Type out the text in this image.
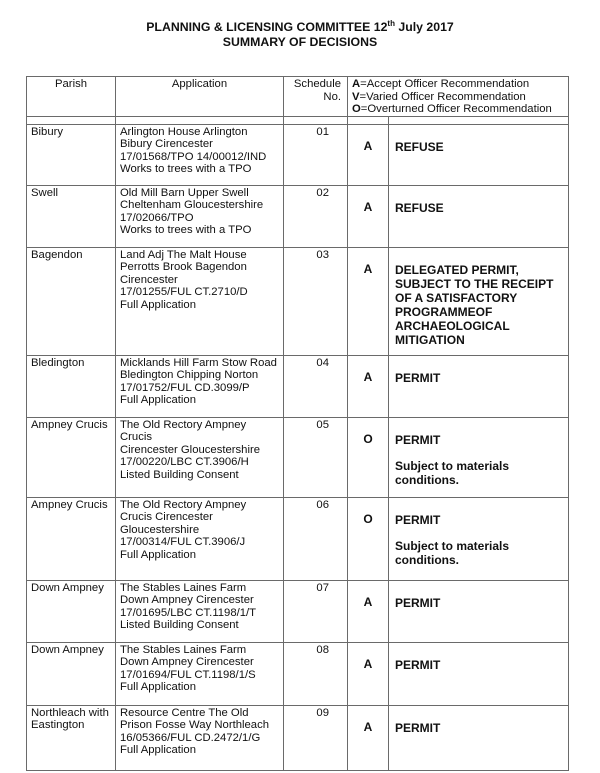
PLANNING & LICENSING COMMITTEE 12th July 2017
SUMMARY OF DECISIONS
Parish	Application	Schedule No.	A=Accept Officer Recommendation
V=Varied Officer Recommendation
O=Overturned Officer Recommendation	

Bibury	Arlington House Arlington
Bibury Cirencester
17/01568/TPO 14/00012/IND
Works to trees with a TPO	01	A	REFUSE

Swell	Old Mill Barn Upper Swell
Cheltenham Gloucestershire
17/02066/TPO
Works to trees with a TPO	02	A	REFUSE

Bagendon	Land Adj The Malt House
Perrotts Brook Bagendon
Cirencester
17/01255/FUL CT.2710/D
Full Application	03	A	DELEGATED PERMIT, SUBJECT TO THE RECEIPT OF A SATISFACTORY PROGRAMMEOF ARCHAEOLOGICAL MITIGATION

Bledington	Micklands Hill Farm Stow Road
Bledington Chipping Norton
17/01752/FUL CD.3099/P
Full Application	04	A	PERMIT

Ampney Crucis	The Old Rectory Ampney
Crucis
Cirencester Gloucestershire
17/00220/LBC CT.3906/H
Listed Building Consent	05	O	PERMIT
Subject to materials conditions.

Ampney Crucis	The Old Rectory Ampney
Crucis Cirencester
Gloucestershire
17/00314/FUL CT.3906/J
Full Application	06	O	PERMIT
Subject to materials conditions.

Down Ampney	The Stables Laines Farm
Down Ampney Cirencester
17/01695/LBC CT.1198/1/T
Listed Building Consent	07	A	PERMIT

Down Ampney	The Stables Laines Farm
Down Ampney Cirencester
17/01694/FUL CT.1198/1/S
Full Application	08	A	PERMIT

Northleach with Eastington	Resource Centre The Old
Prison Fosse Way Northleach
16/05366/FUL CD.2472/1/G
Full Application	09	A	PERMIT
